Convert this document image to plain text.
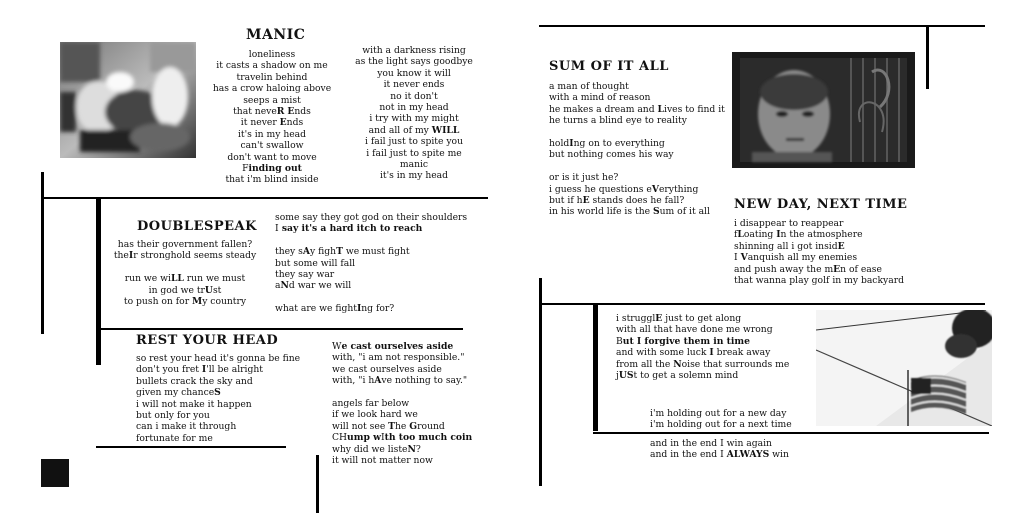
MANIC
loneliness
it casts a shadow on me
travelin behind
has a crow haloing above
seeps a mist
that neveR Ends
it never Ends
it's in my head
can't swallow
don't want to move
Finding out
that i'm blind inside
with a darkness rising
as the light says goodbye
you know it will
it never ends
no it don't
not in my head
i try with my might
and all of my WILL
i fail just to spite you
i fail just to spite me
manic
it's in my head
DOUBLESPEAK
has their government fallen?
theIr stronghold seems steady

run we wiLL run we must
in god we trUst
to push on for My country
some say they got god on their shoulders
I say it's a hard itch to reach

they sAy fighT we must fight
but some will fall
they say war
aNd war we will

what are we fightIng for?
REST YOUR HEAD
so rest your head it's gonna be fine
don't you fret I'll be alright
bullets crack the sky and
given my chanceS
i will not make it happen
but only for you
can i make it through
fortunate for me
We cast ourselves aside
with, "i am not responsible."
we cast ourselves aside
with, "i hAve nothing to say."

angels far below
if we look hard we
will not see The Ground
CHump wIth too much coin
why did we listeN?
it will not matter now
SUM OF IT ALL
a man of thought
with a mind of reason
he makes a dream and Lives to find it
he turns a blind eye to reality

holdIng on to everything
but nothing comes his way

or is it just he?
i guess he questions eVerything
but if hE stands does he fall?
in his world life is the Sum of it all	NEW DAY, NEXT TIME
i disappear to reappear
fLoating In the atmosphere
shinning all i got insidE
I Vanquish all my enemies
and push away the mEn of ease
that wanna play golf in my backyard
i strugglE just to get along
with all that have done me wrong
But I forgive them in time
and with some luck I break away
from all the Noise that surrounds me
jUSt to get a solemn mind
i'm holding out for a new day
i'm holding out for a next time
and in the end I win again
and in the end I ALWAYS win
